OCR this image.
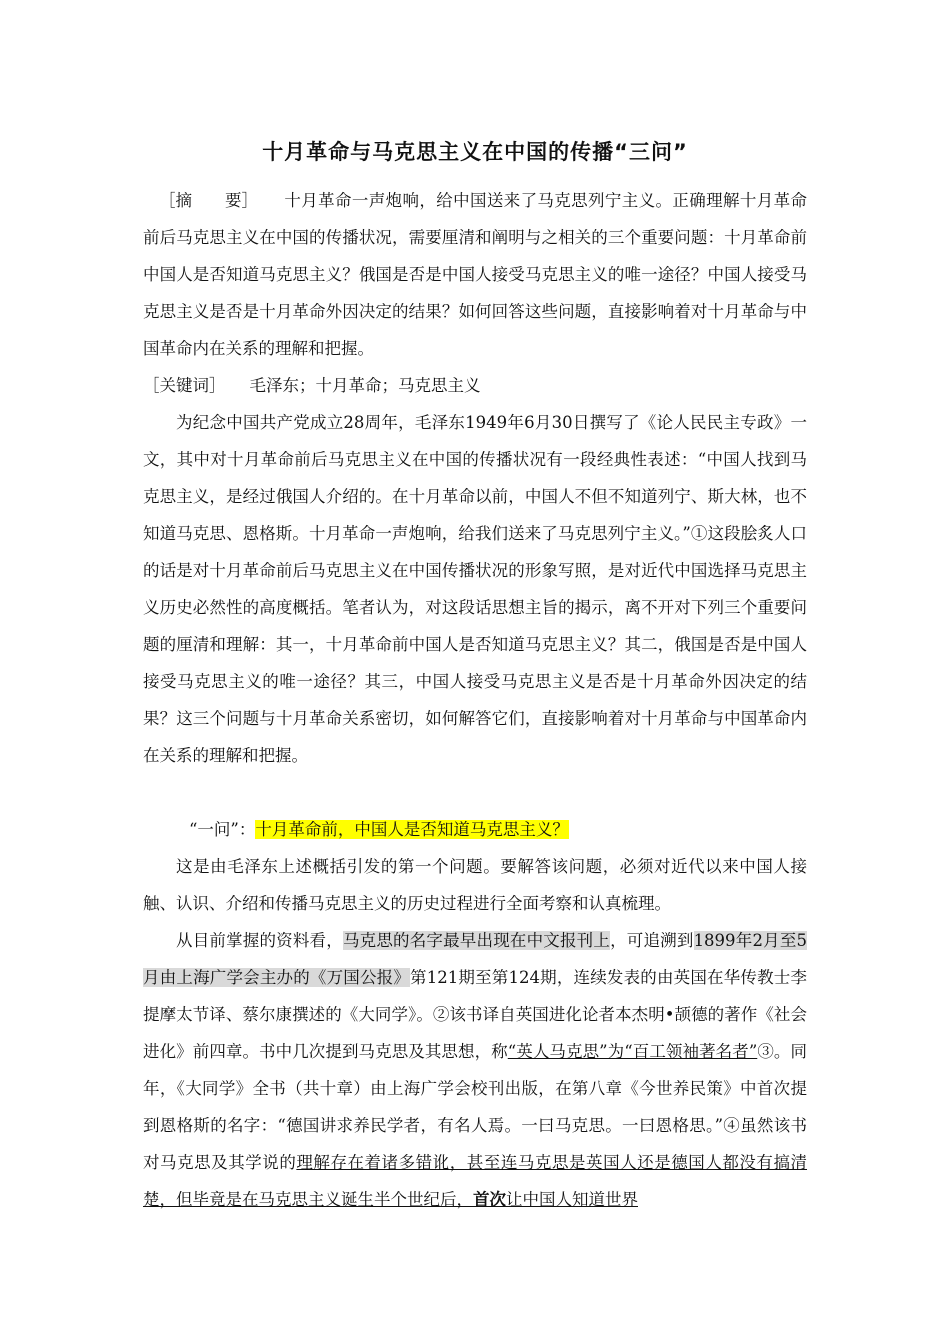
十月革命与马克思主义在中国的传播“三问”

［摘　　要］ 十月革命一声炮响，给中国送来了马克思列宁主义。正确理解十月革命前后马克思主义在中国的传播状况，需要厘清和阐明与之相关的三个重要问题：十月革命前中国人是否知道马克思主义？俄国是否是中国人接受马克思主义的唯一途径？中国人接受马克思主义是否是十月革命外因决定的结果？如何回答这些问题，直接影响着对十月革命与中国革命内在关系的理解和把握。

［关键词］ 毛泽东；十月革命；马克思主义

为纪念中国共产党成立28周年，毛泽东1949年6月30日撰写了《论人民民主专政》一文，其中对十月革命前后马克思主义在中国的传播状况有一段经典性表述：“中国人找到马克思主义，是经过俄国人介绍的。在十月革命以前，中国人不但不知道列宁、斯大林，也不知道马克思、恩格斯。十月革命一声炮响，给我们送来了马克思列宁主义。”①这段脍炙人口的话是对十月革命前后马克思主义在中国传播状况的形象写照，是对近代中国选择马克思主义历史必然性的高度概括。笔者认为，对这段话思想主旨的揭示，离不开对下列三个重要问题的厘清和理解：其一，十月革命前中国人是否知道马克思主义？其二，俄国是否是中国人接受马克思主义的唯一途径？其三，中国人接受马克思主义是否是十月革命外因决定的结果？这三个问题与十月革命关系密切，如何解答它们，直接影响着对十月革命与中国革命内在关系的理解和把握。

“一问”：十月革命前，中国人是否知道马克思主义？

这是由毛泽东上述概括引发的第一个问题。要解答该问题，必须对近代以来中国人接触、认识、介绍和传播马克思主义的历史过程进行全面考察和认真梳理。

从目前掌握的资料看，马克思的名字最早出现在中文报刊上，可追溯到1899年2月至5月由上海广学会主办的《万国公报》第121期至第124期，连续发表的由英国在华传教士李提摩太节译、蔡尔康撰述的《大同学》。②该书译自英国进化论者本杰明•颉德的著作《社会进化》前四章。书中几次提到马克思及其思想，称“英人马克思”为“百工领袖著名者”③。同年，《大同学》全书（共十章）由上海广学会校刊出版，在第八章《今世养民策》中首次提到恩格斯的名字：“德国讲求养民学者，有名人焉。一曰马克思。一曰恩格思。”④虽然该书对马克思及其学说的理解存在着诸多错讹，甚至连马克思是英国人还是德国人都没有搞清楚，但毕竟是在马克思主义诞生半个世纪后，首次让中国人知道世界
